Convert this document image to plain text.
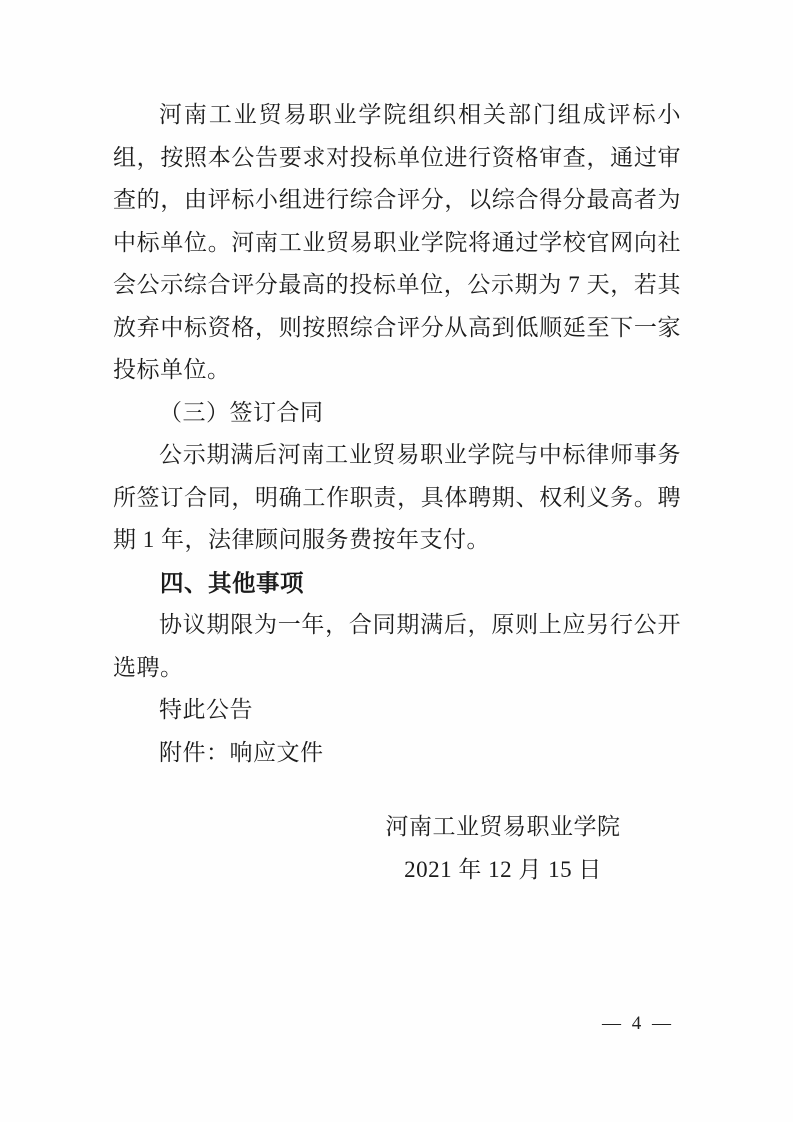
河南工业贸易职业学院组织相关部门组成评标小组，按照本公告要求对投标单位进行资格审查，通过审查的，由评标小组进行综合评分，以综合得分最高者为中标单位。河南工业贸易职业学院将通过学校官网向社会公示综合评分最高的投标单位，公示期为 7 天，若其放弃中标资格，则按照综合评分从高到低顺延至下一家投标单位。

（三）签订合同

公示期满后河南工业贸易职业学院与中标律师事务所签订合同，明确工作职责，具体聘期、权利义务。聘期 1 年，法律顾问服务费按年支付。

四、其他事项

协议期限为一年，合同期满后，原则上应另行公开选聘。

特此公告

附件：响应文件

河南工业贸易职业学院
2021 年 12 月 15 日
— 4 —
